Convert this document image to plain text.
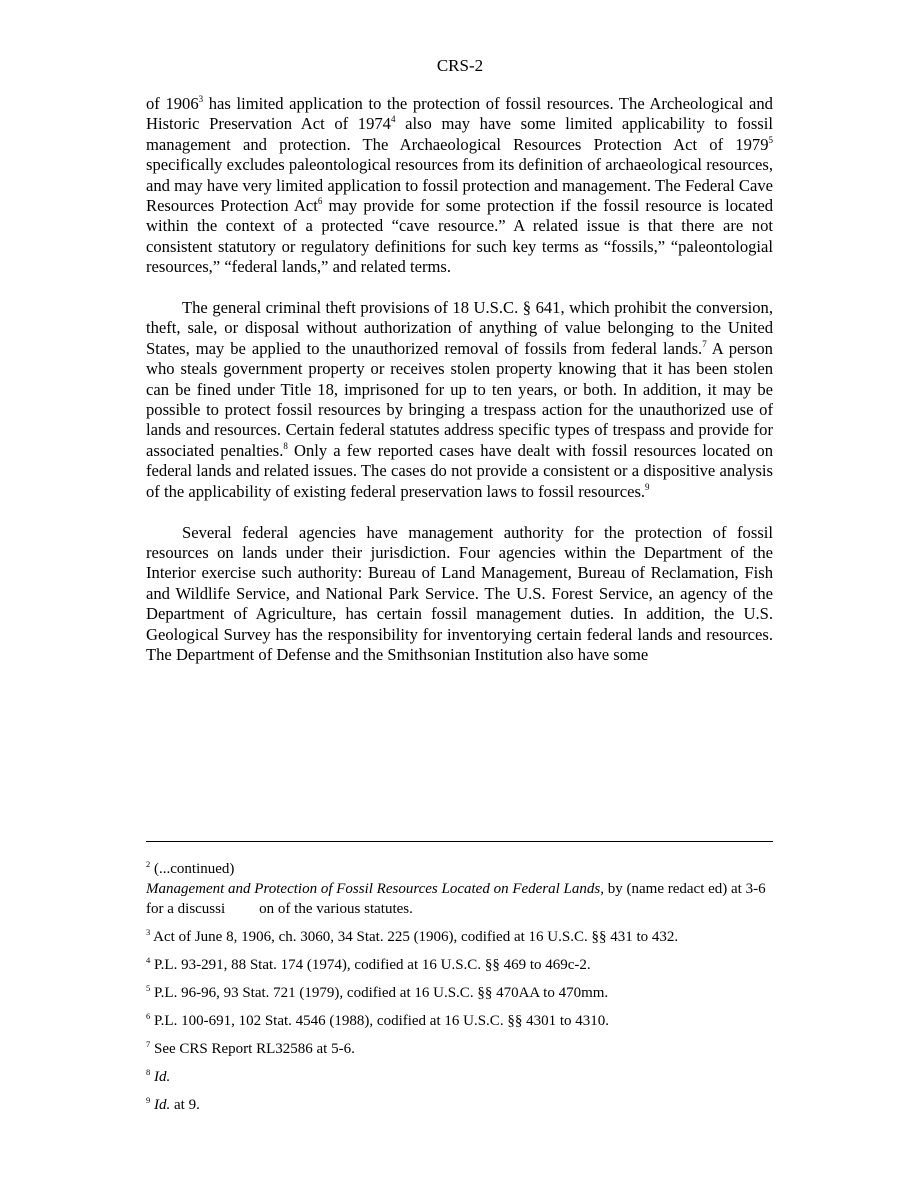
CRS-2

of 1906$^3$ has limited application to the protection of fossil resources. The Archeological and Historic Preservation Act of 1974$^4$ also may have some limited applicability to fossil management and protection. The Archaeological Resources Protection Act of 1979$^5$ specifically excludes paleontological resources from its definition of archaeological resources, and may have very limited application to fossil protection and management. The Federal Cave Resources Protection Act$^6$ may provide for some protection if the fossil resource is located within the context of a protected “cave resource.” A related issue is that there are not consistent statutory or regulatory definitions for such key terms as “fossils,” “paleontologial resources,” “federal lands,” and related terms.

The general criminal theft provisions of 18 U.S.C. § 641, which prohibit the conversion, theft, sale, or disposal without authorization of anything of value belonging to the United States, may be applied to the unauthorized removal of fossils from federal lands.$^7$ A person who steals government property or receives stolen property knowing that it has been stolen can be fined under Title 18, imprisoned for up to ten years, or both. In addition, it may be possible to protect fossil resources by bringing a trespass action for the unauthorized use of lands and resources. Certain federal statutes address specific types of trespass and provide for associated penalties.$^8$ Only a few reported cases have dealt with fossil resources located on federal lands and related issues. The cases do not provide a consistent or a dispositive analysis of the applicability of existing federal preservation laws to fossil resources.$^9$

Several federal agencies have management authority for the protection of fossil resources on lands under their jurisdiction. Four agencies within the Department of the Interior exercise such authority: Bureau of Land Management, Bureau of Reclamation, Fish and Wildlife Service, and National Park Service. The U.S. Forest Service, an agency of the Department of Agriculture, has certain fossil management duties. In addition, the U.S. Geological Survey has the responsibility for inventorying certain federal lands and resources. The Department of Defense and the Smithsonian Institution also have some

$^2$ (...continued)
Management and Protection of Fossil Resources Located on Federal Lands, by (name redact ed) at 3-6 for a discussi on of the various statutes.
$^3$ Act of June 8, 1906, ch. 3060, 34 Stat. 225 (1906), codified at 16 U.S.C. §§ 431 to 432.
$^4$ P.L. 93-291, 88 Stat. 174 (1974), codified at 16 U.S.C. §§ 469 to 469c-2.
$^5$ P.L. 96-96, 93 Stat. 721 (1979), codified at 16 U.S.C. §§ 470AA to 470mm.
$^6$ P.L. 100-691, 102 Stat. 4546 (1988), codified at 16 U.S.C. §§ 4301 to 4310.
$^7$ See CRS Report RL32586 at 5-6.
$^8$ Id.
$^9$ Id. at 9.
